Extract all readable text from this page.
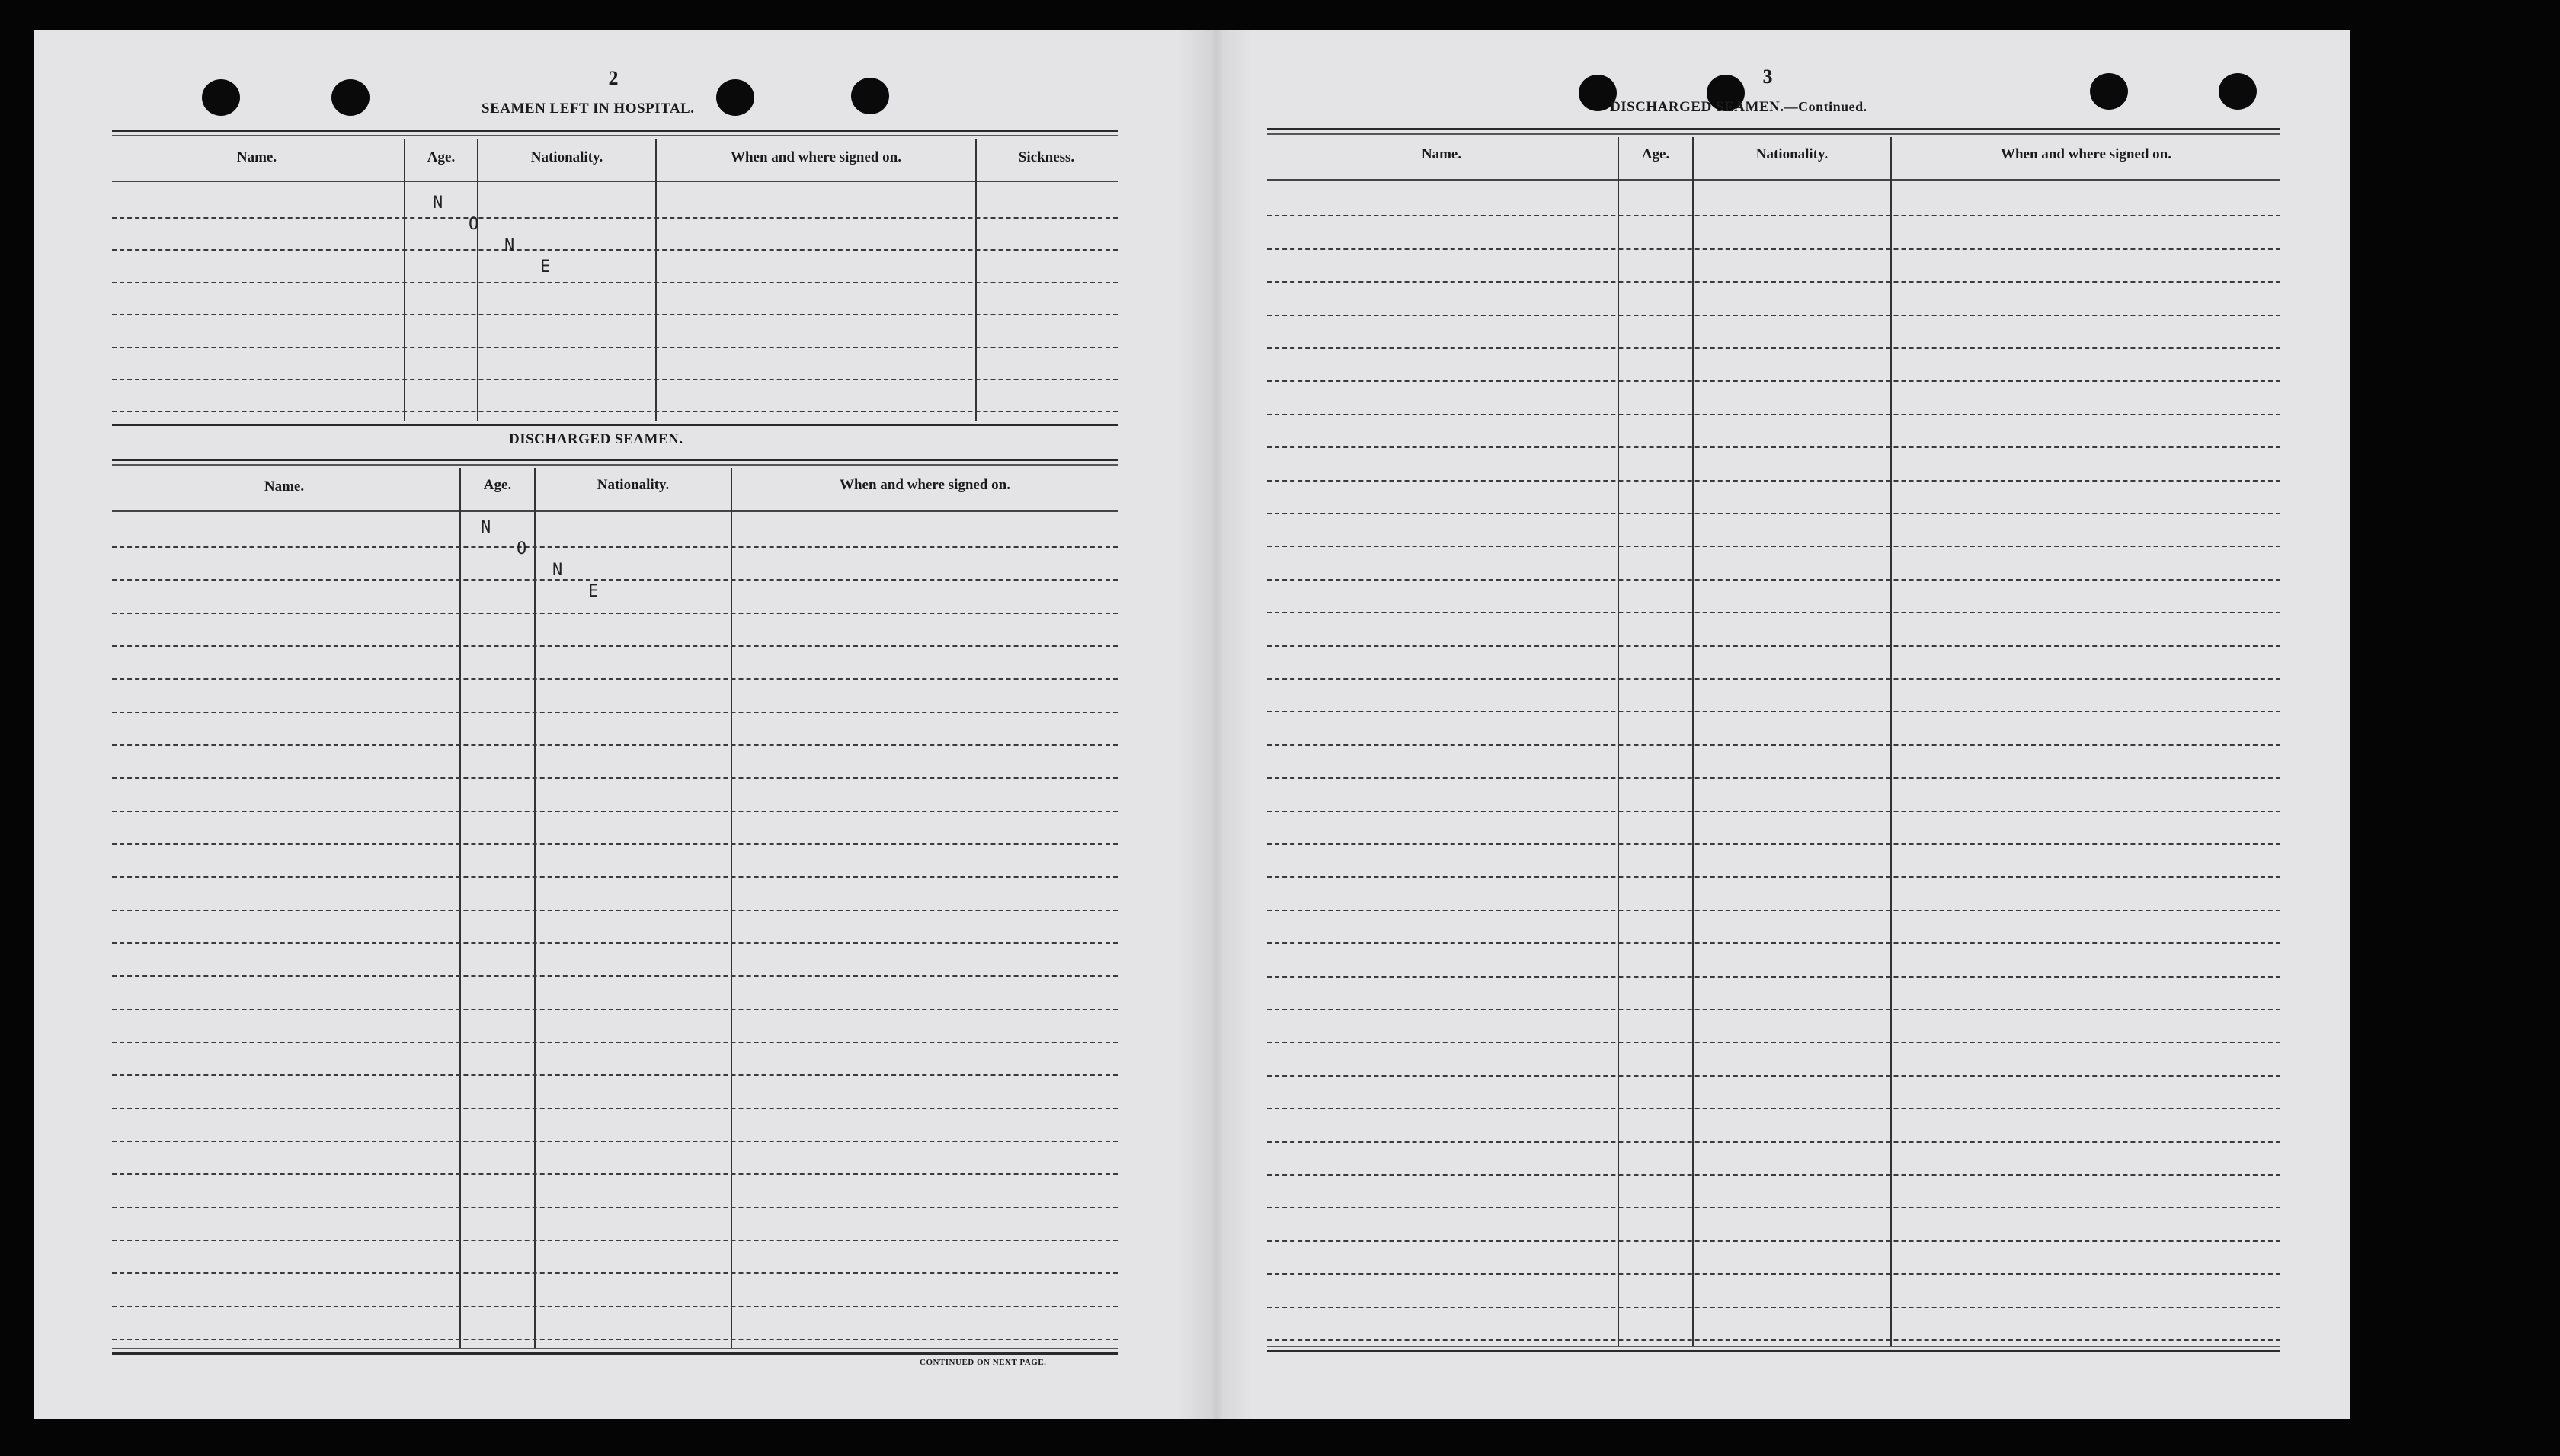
2
SEAMEN LEFT IN HOSPITAL.
Name.	Age.	Nationality.	When and where signed on.	Sickness.
N
O
N
E
DISCHARGED SEAMEN.
Name.	Age.	Nationality.	When and where signed on.
N
O
N
E
CONTINUED ON NEXT PAGE.
3
DISCHARGED SEAMEN.—Continued.
Name.	Age.	Nationality.	When and where signed on.
